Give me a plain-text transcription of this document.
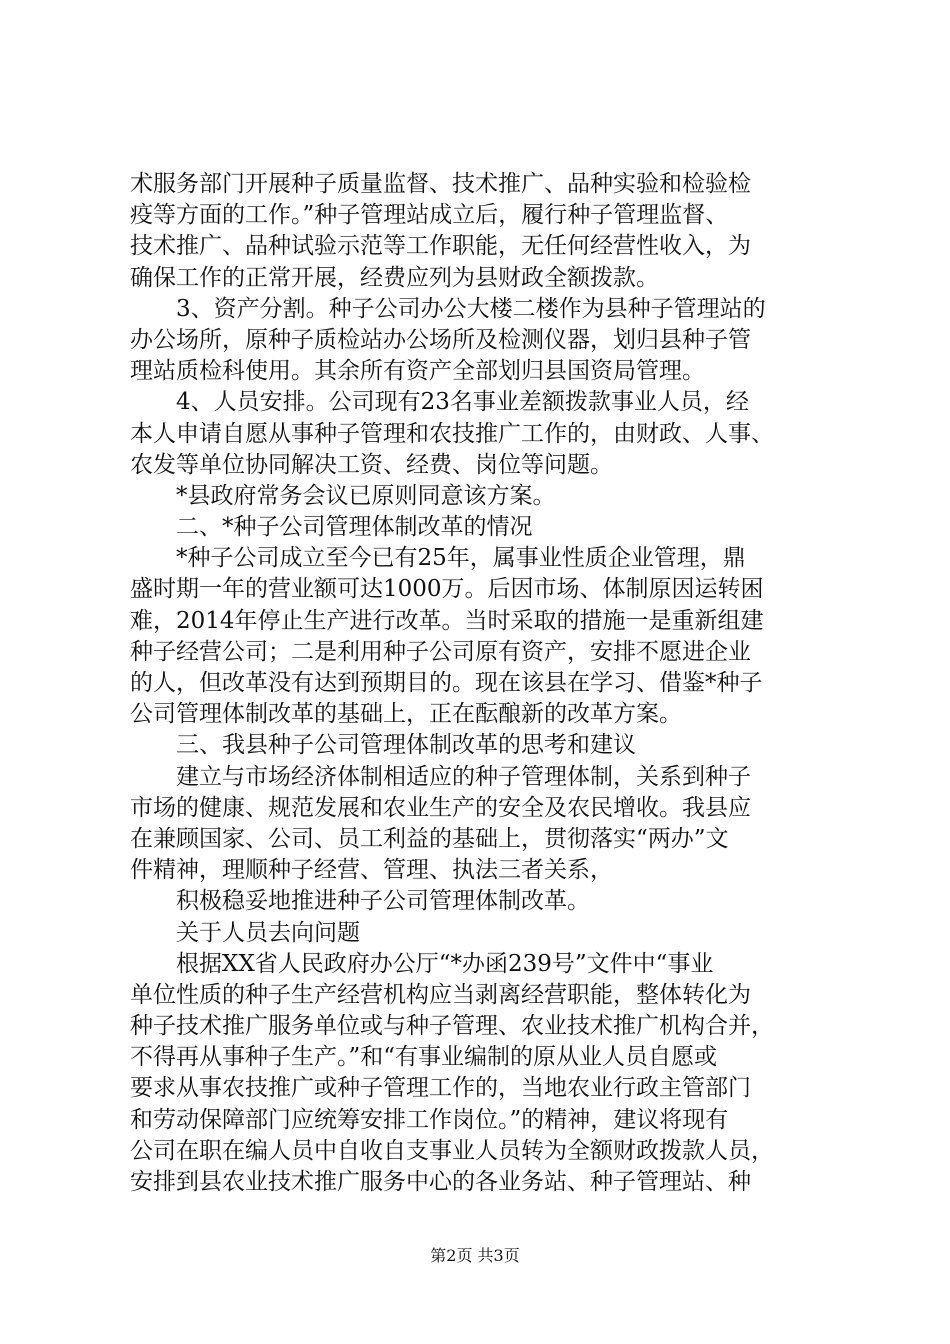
术服务部门开展种子质量监督、技术推广、品种实验和检验检
疫等方面的工作。”种子管理站成立后，履行种子管理监督、
技术推广、品种试验示范等工作职能，无任何经营性收入，为
确保工作的正常开展，经费应列为县财政全额拨款。
3、资产分割。种子公司办公大楼二楼作为县种子管理站的
办公场所，原种子质检站办公场所及检测仪器，划归县种子管
理站质检科使用。其余所有资产全部划归县国资局管理。
4、人员安排。公司现有23名事业差额拨款事业人员，经
本人申请自愿从事种子管理和农技推广工作的，由财政、人事、
农发等单位协同解决工资、经费、岗位等问题。
*县政府常务会议已原则同意该方案。
二、*种子公司管理体制改革的情况
*种子公司成立至今已有25年，属事业性质企业管理，鼎
盛时期一年的营业额可达1000万。后因市场、体制原因运转困
难，2014年停止生产进行改革。当时采取的措施一是重新组建
种子经营公司；二是利用种子公司原有资产，安排不愿进企业
的人，但改革没有达到预期目的。现在该县在学习、借鉴*种子
公司管理体制改革的基础上，正在酝酿新的改革方案。
三、我县种子公司管理体制改革的思考和建议
建立与市场经济体制相适应的种子管理体制，关系到种子
市场的健康、规范发展和农业生产的安全及农民增收。我县应
在兼顾国家、公司、员工利益的基础上，贯彻落实“两办”文
件精神，理顺种子经营、管理、执法三者关系，
积极稳妥地推进种子公司管理体制改革。
关于人员去向问题
根据XX省人民政府办公厅“*办函239号”文件中“事业
单位性质的种子生产经营机构应当剥离经营职能，整体转化为
种子技术推广服务单位或与种子管理、农业技术推广机构合并，
不得再从事种子生产。”和“有事业编制的原从业人员自愿或
要求从事农技推广或种子管理工作的，当地农业行政主管部门
和劳动保障部门应统筹安排工作岗位。”的精神，建议将现有
公司在职在编人员中自收自支事业人员转为全额财政拨款人员，
安排到县农业技术推广服务中心的各业务站、种子管理站、种
第2页 共3页
